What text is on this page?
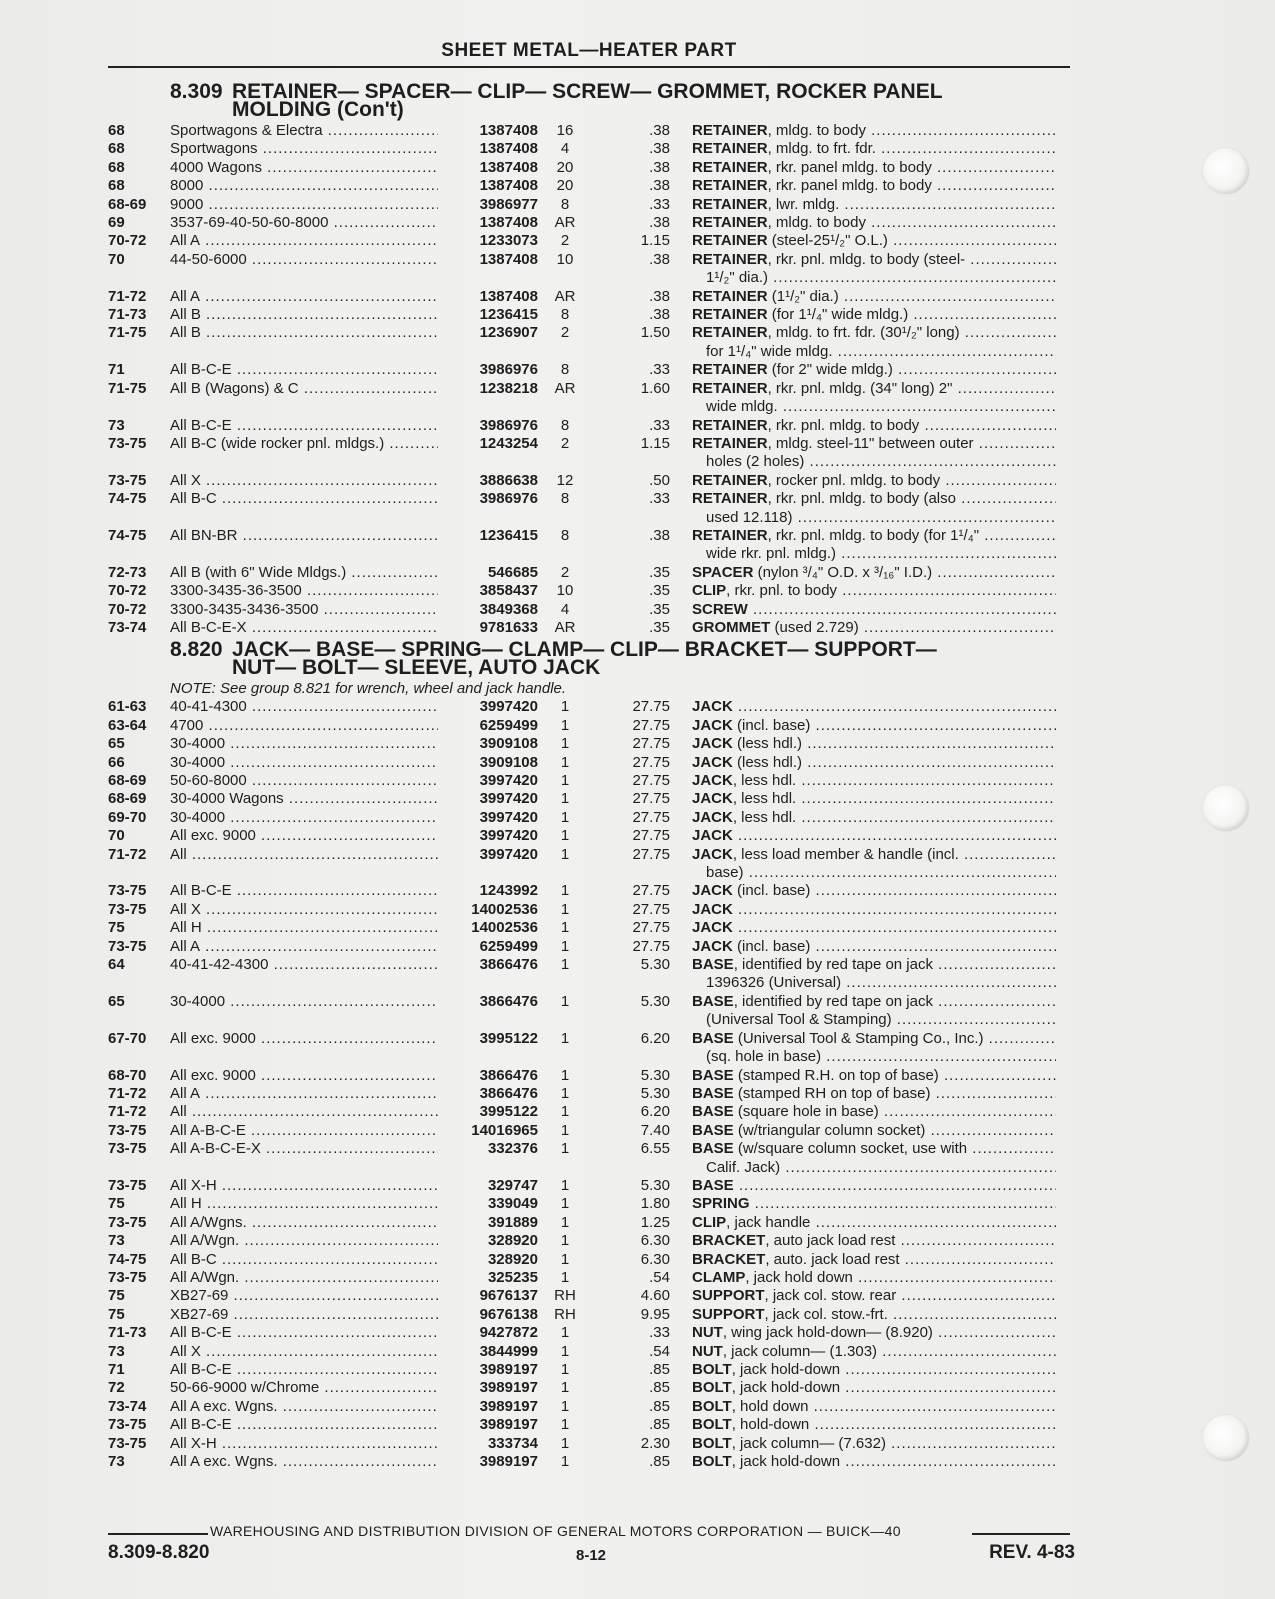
SHEET METAL—HEATER PART
8.309 RETAINER— SPACER— CLIP— SCREW— GROMMET, ROCKER PANEL
MOLDING (Con't)
68	Sportwagons & Electra .....	1387408	16	.38 RETAINER, mldg. to body .....
68	Sportwagons .....	1387408	4	.38 RETAINER, mldg. to frt. fdr. .....
68	4000 Wagons .....	1387408	20	.38 RETAINER, rkr. panel mldg. to body .....
68	8000 .....	1387408	20	.38 RETAINER, rkr. panel mldg. to body .....
68-69	9000 .....	3986977	8	.33 RETAINER, lwr. mldg. .....
69	3537-69-40-50-60-8000 .....	1387408	AR	.38 RETAINER, mldg. to body .....
70-72	All A .....	1233073	2	1.15 RETAINER (steel-25¹/₂" O.L.) .....
70	44-50-6000 .....	1387408	10	.38 RETAINER, rkr. pnl. mldg. to body (steel- .....
1¹/₂" dia.) .....
71-72	All A .....	1387408	AR	.38 RETAINER (1¹/₂" dia.) .....
71-73	All B .....	1236415	8	.38 RETAINER (for 1¹/₄" wide mldg.) .....
71-75	All B .....	1236907	2	1.50 RETAINER, mldg. to frt. fdr. (30¹/₂" long) .....
for 1¹/₄" wide mldg. .....
71	All B-C-E .....	3986976	8	.33 RETAINER (for 2" wide mldg.) .....
71-75	All B (Wagons) & C .....	1238218	AR	1.60 RETAINER, rkr. pnl. mldg. (34" long) 2" .....
wide mldg. .....
73	All B-C-E .....	3986976	8	.33 RETAINER, rkr. pnl. mldg. to body .....
73-75	All B-C (wide rocker pnl. mldgs.) .....	1243254	2	1.15 RETAINER, mldg. steel-11" between outer .....
holes (2 holes) .....
73-75	All X .....	3886638	12	.50 RETAINER, rocker pnl. mldg. to body .....
74-75	All B-C .....	3986976	8	.33 RETAINER, rkr. pnl. mldg. to body (also .....
used 12.118) .....
74-75	All BN-BR .....	1236415	8	.38 RETAINER, rkr. pnl. mldg. to body (for 1¹/₄" .....
wide rkr. pnl. mldg.) .....
72-73	All B (with 6" Wide Mldgs.) .....	546685	2	.35 SPACER (nylon ³/₄" O.D. x ³/₁₆" I.D.) .....
70-72	3300-3435-36-3500 .....	3858437	10	.35 CLIP, rkr. pnl. to body .....
70-72	3300-3435-3436-3500 .....	3849368	4	.35 SCREW .....
73-74	All B-C-E-X .....	9781633	AR	.35 GROMMET (used 2.729) .....
8.820 JACK— BASE— SPRING— CLAMP— CLIP— BRACKET— SUPPORT—
NUT— BOLT— SLEEVE, AUTO JACK
NOTE: See group 8.821 for wrench, wheel and jack handle.
61-63	40-41-4300 .....	3997420	1	27.75 JACK .....
63-64	4700 .....	6259499	1	27.75 JACK (incl. base) .....
65	30-4000 .....	3909108	1	27.75 JACK (less hdl.) .....
66	30-4000 .....	3909108	1	27.75 JACK (less hdl.) .....
68-69	50-60-8000 .....	3997420	1	27.75 JACK, less hdl. .....
68-69	30-4000 Wagons .....	3997420	1	27.75 JACK, less hdl. .....
69-70	30-4000 .....	3997420	1	27.75 JACK, less hdl. .....
70	All exc. 9000 .....	3997420	1	27.75 JACK .....
71-72	All .....	3997420	1	27.75 JACK, less load member & handle (incl. .....
base) .....
73-75	All B-C-E .....	1243992	1	27.75 JACK (incl. base) .....
73-75	All X .....	14002536	1	27.75 JACK .....
75	All H .....	14002536	1	27.75 JACK .....
73-75	All A .....	6259499	1	27.75 JACK (incl. base) .....
64	40-41-42-4300 .....	3866476	1	5.30 BASE, identified by red tape on jack .....
1396326 (Universal) .....
65	30-4000 .....	3866476	1	5.30 BASE, identified by red tape on jack .....
(Universal Tool & Stamping) .....
67-70	All exc. 9000 .....	3995122	1	6.20 BASE (Universal Tool & Stamping Co., Inc.) .....
(sq. hole in base) .....
68-70	All exc. 9000 .....	3866476	1	5.30 BASE (stamped R.H. on top of base) .....
71-72	All A .....	3866476	1	5.30 BASE (stamped RH on top of base) .....
71-72	All .....	3995122	1	6.20 BASE (square hole in base) .....
73-75	All A-B-C-E .....	14016965	1	7.40 BASE (w/triangular column socket) .....
73-75	All A-B-C-E-X .....	332376	1	6.55 BASE (w/square column socket, use with .....
Calif. Jack) .....
73-75	All X-H .....	329747	1	5.30 BASE .....
75	All H .....	339049	1	1.80 SPRING .....
73-75	All A/Wgns. .....	391889	1	1.25 CLIP, jack handle .....
73	All A/Wgn. .....	328920	1	6.30 BRACKET, auto jack load rest .....
74-75	All B-C .....	328920	1	6.30 BRACKET, auto. jack load rest .....
73-75	All A/Wgn. .....	325235	1	.54 CLAMP, jack hold down .....
75	XB27-69 .....	9676137	RH	4.60 SUPPORT, jack col. stow. rear .....
75	XB27-69 .....	9676138	RH	9.95 SUPPORT, jack col. stow.-frt. .....
71-73	All B-C-E .....	9427872	1	.33 NUT, wing jack hold-down— (8.920) .....
73	All X .....	3844999	1	.54 NUT, jack column— (1.303) .....
71	All B-C-E .....	3989197	1	.85 BOLT, jack hold-down .....
72	50-66-9000 w/Chrome .....	3989197	1	.85 BOLT, jack hold-down .....
73-74	All A exc. Wgns. .....	3989197	1	.85 BOLT, hold down .....
73-75	All B-C-E .....	3989197	1	.85 BOLT, hold-down .....
73-75	All X-H .....	333734	1	2.30 BOLT, jack column— (7.632) .....
73	All A exc. Wgns. .....	3989197	1	.85 BOLT, jack hold-down .....
WAREHOUSING AND DISTRIBUTION DIVISION OF GENERAL MOTORS CORPORATION — BUICK—40
8.309-8.820	8-12	REV. 4-83
